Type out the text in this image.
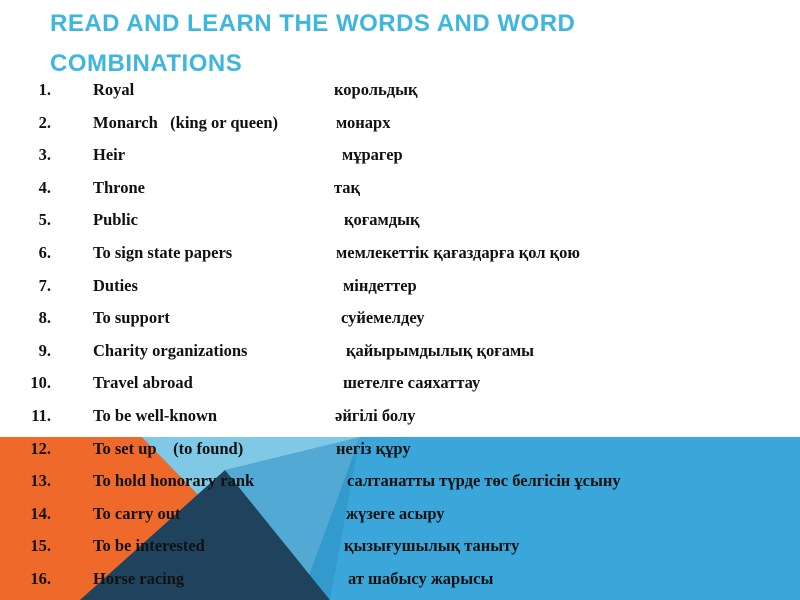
READ AND LEARN THE WORDS AND WORD COMBINATIONS
1.	Royal	корольдық
2.	Monarch   (king or queen)	монарх
3.	Heir	мұрагер
4.	Throne	тақ
5.	Public	қоғамдық
6.	To sign state papers	мемлекеттік қағаздарға қол қою
7.	Duties	міндеттер
8.	To support	суйемелдеу
9.	Charity organizations	қайырымдылық қоғамы
10.	Travel abroad	шетелге саяхаттау
11.	To be well-known	әйгілі болу
12.	To set up    (to found)	негіз құру
13.	To hold honorary rank	салтанатты түрде төс белгісін ұсыну
14.	To carry out	жүзеге асыру
15.	To be interested	қызығушылық таныту
16.	Horse racing	ат шабысу жарысы
